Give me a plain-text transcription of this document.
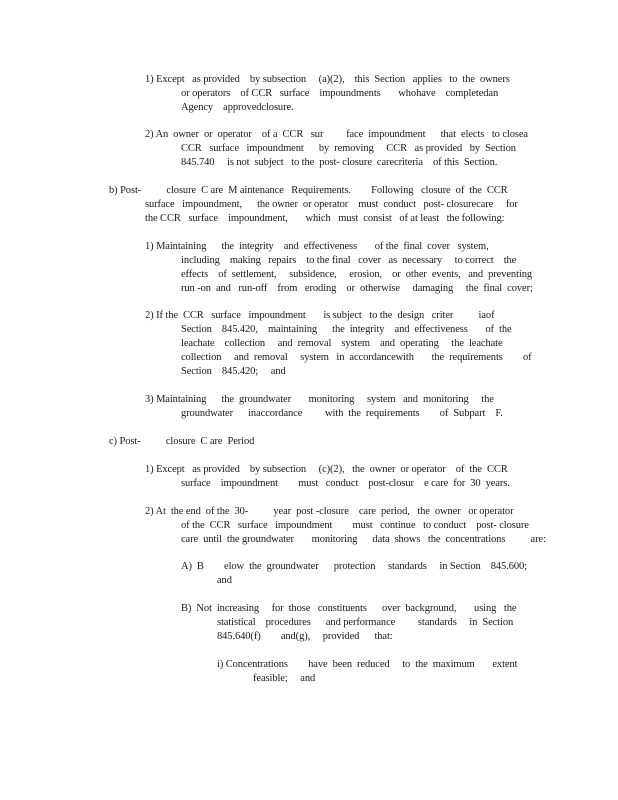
1) Except   as provided    by subsection     (a)(2),    this  Section   applies   to  the  owners
or operators    of CCR   surface    impoundments       whohave    completedan
Agency    approvedclosure.
2) An  owner  or  operator    of a  CCR   sur         face  impoundment      that  elects   to closea
CCR   surface   impoundment      by  removing     CCR   as provided   by  Section
845.740     is not  subject   to the  post- closure  carecriteria    of this  Section.
b) Post-          closure  C are  M aintenance   Requirements.        Following   closure  of  the  CCR
surface   impoundment,      the owner  or operator    must  conduct   post- closurecare     for
the CCR   surface    impoundment,       which   must  consist   of at least   the following:
1) Maintaining      the  integrity    and  effectiveness       of the  final  cover   system,
including    making   repairs    to the final   cover   as  necessary     to correct    the
effects    of  settlement,     subsidence,     erosion,    or  other  events,   and  preventing
run -on  and   run-off    from   eroding    or  otherwise     damaging     the  final  cover;
2) If the  CCR   surface   impoundment       is subject   to the  design   criter          iaof
Section    845.420,    maintaining      the  integrity    and  effectiveness       of  the
leachate    collection     and  removal    system    and  operating     the  leachate
collection     and  removal     system   in  accordancewith       the  requirements        of
Section    845.420;     and
3) Maintaining      the  groundwater       monitoring     system   and  monitoring     the
groundwater      inaccordance         with  the  requirements        of  Subpart    F.
c) Post-          closure  C are  Period
1) Except   as provided    by subsection     (c)(2),   the  owner  or operator    of  the  CCR
surface    impoundment        must   conduct    post-closur    e care  for  30  years.
2) At  the end  of the  30-          year  post -closure    care  period,   the  owner   or operator
of the  CCR   surface   impoundment        must   continue   to conduct    post- closure
care  until  the groundwater       monitoring      data  shows   the  concentrations          are:
A)  B        elow  the  groundwater      protection     standards     in Section    845.600;
and
B)  Not  increasing     for  those   constituents      over  background,       using   the
statistical    procedures      and performance         standards     in  Section
845.640(f)        and(g),     provided      that:
i) Concentrations        have  been  reduced     to  the  maximum       extent
feasible;     and
